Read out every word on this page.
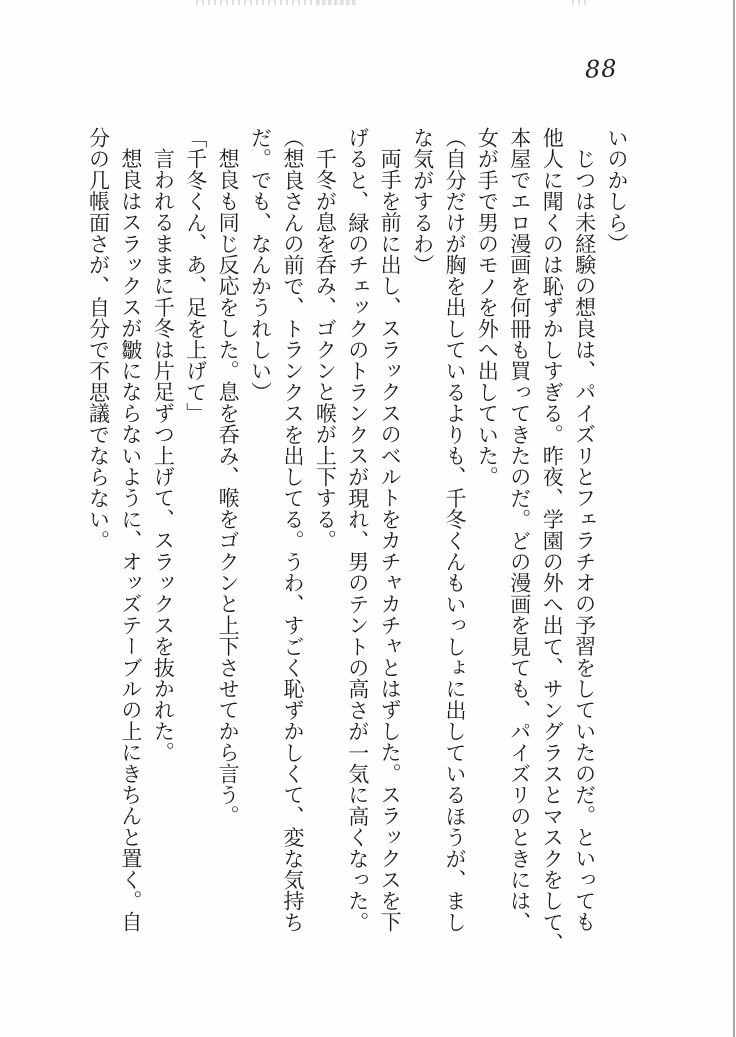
88

いのかしら）

じつは未経験の想良は、パイズリとフェラチオの予習をしていたのだ。といっても

他人に聞くのは恥ずかしすぎる。昨夜、学園の外へ出て、サングラスとマスクをして、

本屋でエロ漫画を何冊も買ってきたのだ。どの漫画を見ても、パイズリのときには、

女が手で男のモノを外へ出していた。

（自分だけが胸を出しているよりも、千冬くんもいっしょに出しているほうが、まし

な気がするわ）

両手を前に出し、スラックスのベルトをカチャカチャとはずした。スラックスを下

げると、緑のチェックのトランクスが現れ、男のテントの高さが一気に高くなった。

千冬が息を呑み、ゴクンと喉が上下する。

（想良さんの前で、トランクスを出してる。うわ、すごく恥ずかしくて、変な気持ち

だ。でも、なんかうれしい）

想良も同じ反応をした。息を呑み、喉をゴクンと上下させてから言う。

「千冬くん、あ、足を上げて」

言われるままに千冬は片足ずつ上げて、スラックスを抜かれた。

想良はスラックスが皺にならないように、オッズテーブルの上にきちんと置く。自

分の几帳面さが、自分で不思議でならない。
